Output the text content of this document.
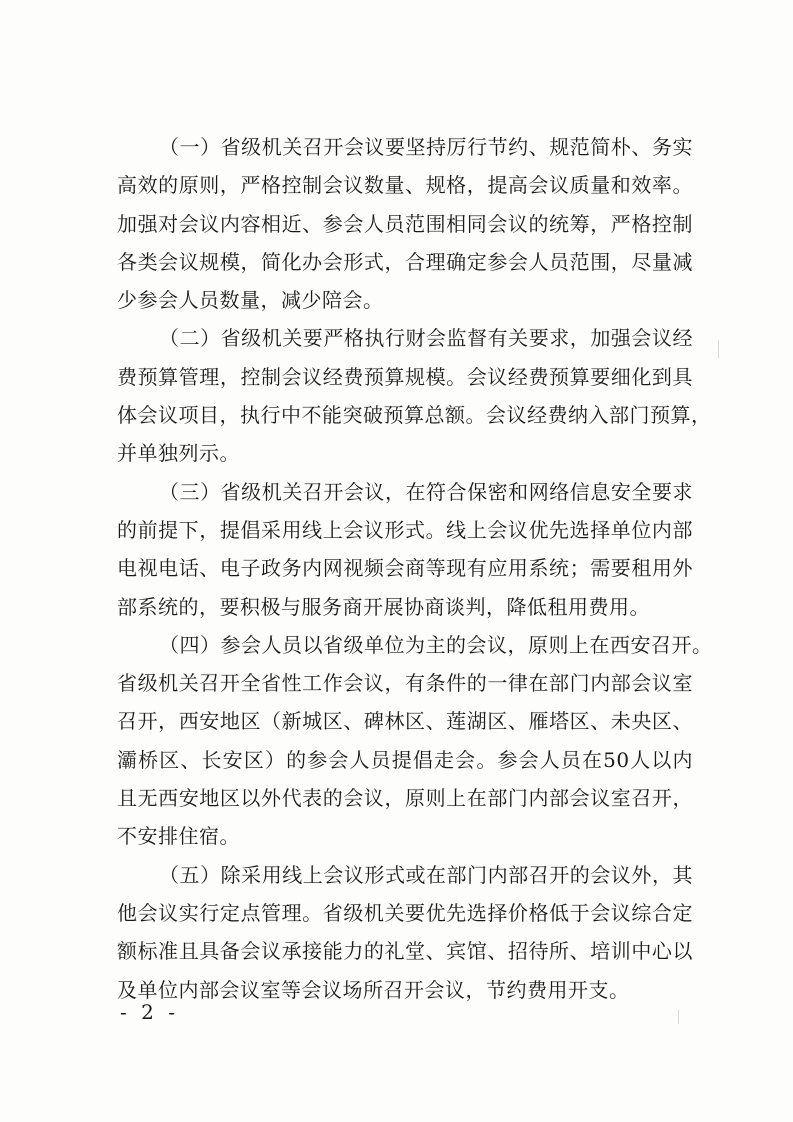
（一）省级机关召开会议要坚持厉行节约、规范简朴、务实
高效的原则，严格控制会议数量、规格，提高会议质量和效率。
加强对会议内容相近、参会人员范围相同会议的统筹，严格控制
各类会议规模，简化办会形式，合理确定参会人员范围，尽量减
少参会人员数量，减少陪会。

（二）省级机关要严格执行财会监督有关要求，加强会议经
费预算管理，控制会议经费预算规模。会议经费预算要细化到具
体会议项目，执行中不能突破预算总额。会议经费纳入部门预算，
并单独列示。

（三）省级机关召开会议，在符合保密和网络信息安全要求
的前提下，提倡采用线上会议形式。线上会议优先选择单位内部
电视电话、电子政务内网视频会商等现有应用系统；需要租用外
部系统的，要积极与服务商开展协商谈判，降低租用费用。

（四）参会人员以省级单位为主的会议，原则上在西安召开。
省级机关召开全省性工作会议，有条件的一律在部门内部会议室
召开，西安地区（新城区、碑林区、莲湖区、雁塔区、未央区、
灞桥区、长安区）的参会人员提倡走会。参会人员在50人以内
且无西安地区以外代表的会议，原则上在部门内部会议室召开，
不安排住宿。

（五）除采用线上会议形式或在部门内部召开的会议外，其
他会议实行定点管理。省级机关要优先选择价格低于会议综合定
额标准且具备会议承接能力的礼堂、宾馆、招待所、培训中心以
及单位内部会议室等会议场所召开会议，节约费用开支。

- 2 -
